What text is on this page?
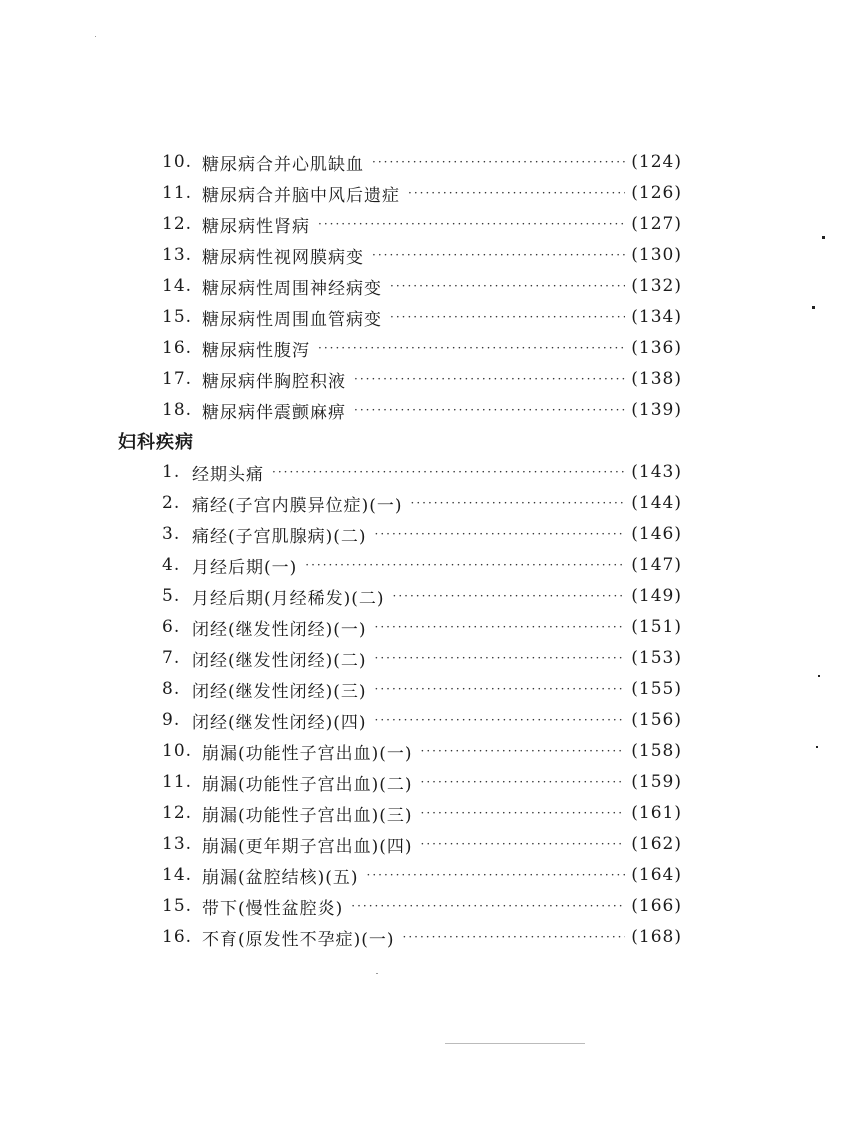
10. 糖尿病合并心肌缺血 ·····	(124)
11. 糖尿病合并脑中风后遗症 ·····	(126)
12. 糖尿病性肾病 ·····	(127)
13. 糖尿病性视网膜病变 ·····	(130)
14. 糖尿病性周围神经病变 ·····	(132)
15. 糖尿病性周围血管病变 ·····	(134)
16. 糖尿病性腹泻 ·····	(136)
17. 糖尿病伴胸腔积液 ·····	(138)
18. 糖尿病伴震颤麻痹 ·····	(139)
妇科疾病
1. 经期头痛 ·····	(143)
2. 痛经(子宫内膜异位症)(一) ·····	(144)
3. 痛经(子宫肌腺病)(二) ·····	(146)
4. 月经后期(一) ·····	(147)
5. 月经后期(月经稀发)(二) ·····	(149)
6. 闭经(继发性闭经)(一) ·····	(151)
7. 闭经(继发性闭经)(二) ·····	(153)
8. 闭经(继发性闭经)(三) ·····	(155)
9. 闭经(继发性闭经)(四) ·····	(156)
10. 崩漏(功能性子宫出血)(一) ·····	(158)
11. 崩漏(功能性子宫出血)(二) ·····	(159)
12. 崩漏(功能性子宫出血)(三) ·····	(161)
13. 崩漏(更年期子宫出血)(四) ·····	(162)
14. 崩漏(盆腔结核)(五) ·····	(164)
15. 带下(慢性盆腔炎) ·····	(166)
16. 不育(原发性不孕症)(一) ·····	(168)
